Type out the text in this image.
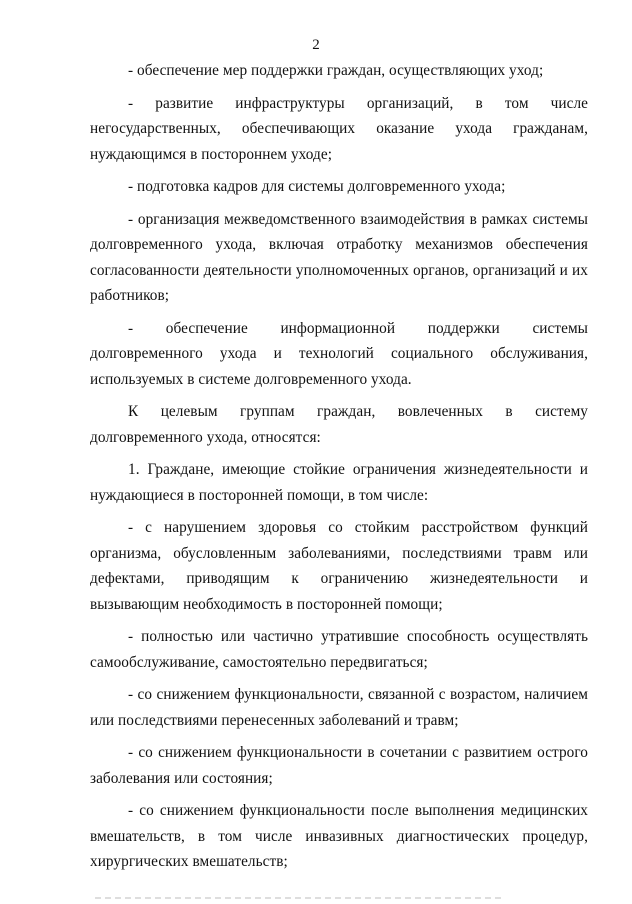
2

- обеспечение мер поддержки граждан, осуществляющих уход;

- развитие инфраструктуры организаций, в том числе негосударственных, обеспечивающих оказание ухода гражданам, нуждающимся в постороннем уходе;

- подготовка кадров для системы долговременного ухода;

- организация межведомственного взаимодействия в рамках системы долговременного ухода, включая отработку механизмов обеспечения согласованности деятельности уполномоченных органов, организаций и их работников;

- обеспечение информационной поддержки системы долговременного ухода и технологий социального обслуживания, используемых в системе долговременного ухода.

К целевым группам граждан, вовлеченных в систему долговременного ухода, относятся:

1. Граждане, имеющие стойкие ограничения жизнедеятельности и нуждающиеся в посторонней помощи, в том числе:

- с нарушением здоровья со стойким расстройством функций организма, обусловленным заболеваниями, последствиями травм или дефектами, приводящим к ограничению жизнедеятельности и вызывающим необходимость в посторонней помощи;

- полностью или частично утратившие способность осуществлять самообслуживание, самостоятельно передвигаться;

- со снижением функциональности, связанной с возрастом, наличием или последствиями перенесенных заболеваний и травм;

- со снижением функциональности в сочетании с развитием острого заболевания или состояния;

- со снижением функциональности после выполнения медицинских вмешательств, в том числе инвазивных диагностических процедур, хирургических вмешательств;
